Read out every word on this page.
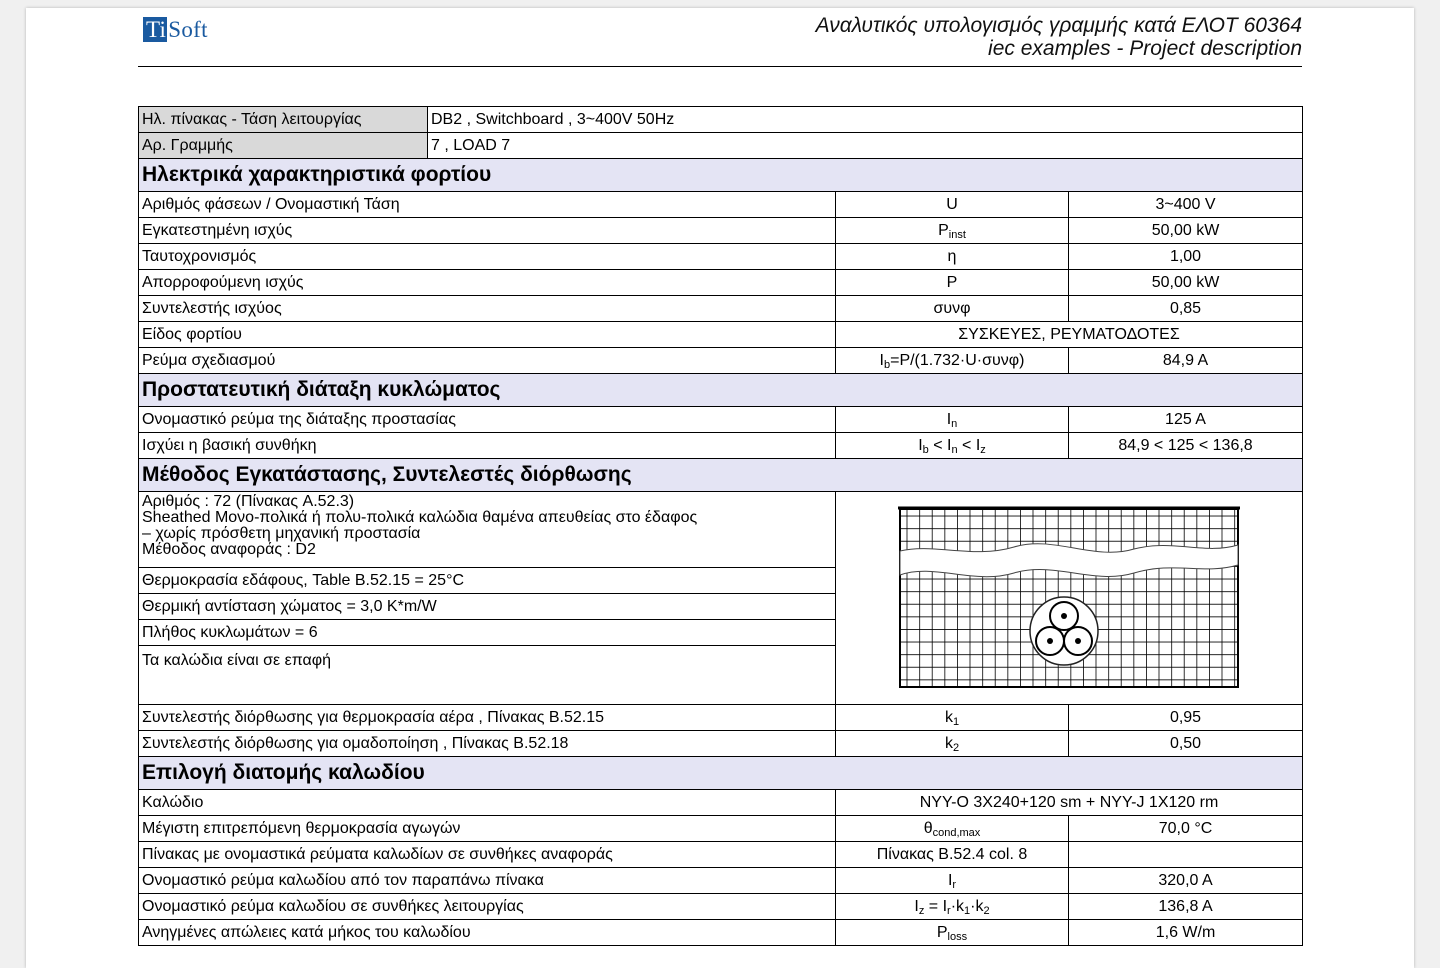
TiSoft	Αναλυτικός υπολογισμός γραμμής κατά ΕΛΟΤ 60364
iec examples - Project description
Ηλ. πίνακας - Τάση λειτουργίας	DB2 , Switchboard , 3~400V 50Hz		
Αρ. Γραμμής	7 , LOAD 7		
Ηλεκτρικά χαρακτηριστικά φορτίου			
Αριθμός φάσεων / Ονομαστική Τάση		U	3~400 V
Εγκατεστημένη ισχύς		$P_{inst}$	50,00 kW
Ταυτοχρονισμός		η	1,00
Απορροφούμενη ισχύς		P	50,00 kW
Συντελεστής ισχύος		συνφ	0,85
Είδος φορτίου		ΣΥΣΚΕΥΕΣ, ΡΕΥΜΑΤΟΔΟΤΕΣ	
Ρεύμα σχεδιασμού		$I_b=P/(1.732\cdot U\cdot\sigma\upsilon\nu\varphi)$	84,9 A
Προστατευτική διάταξη κυκλώματος			
Ονομαστικό ρεύμα της διάταξης προστασίας		$I_n$	125 A
Ισχύει η βασική συνθήκη		$I_b < I_n < I_z$	84,9 < 125 < 136,8
Μέθοδος Εγκατάστασης, Συντελεστές διόρθωσης			

Αριθμός : 72 (Πίνακας A.52.3)
Sheathed Mονο-πολικά ή πολυ-πολικά καλώδια θαμένα απευθείας στο έδαφος
– χωρίς πρόσθετη μηχανική προστασία
Μέθοδος αναφοράς : D2

Θερμοκρασία εδάφους, Table B.52.15 = 25°C			
Θερμική αντίσταση χώματος = 3,0 K*m/W			
Πλήθος κυκλωμάτων = 6			
Τα καλώδια είναι σε επαφή			
Συντελεστής διόρθωσης για θερμοκρασία αέρα , Πίνακας B.52.15		$k_1$	0,95
Συντελεστής διόρθωσης για ομαδοποίηση , Πίνακας B.52.18		$k_2$	0,50
Επιλογή διατομής καλωδίου			
Καλώδιο		NYY-O 3X240+120 sm + NYY-J 1X120 rm	
Μέγιστη επιτρεπόμενη θερμοκρασία αγωγών		$\theta_{cond,max}$	70,0 °C
Πίνακας με ονομαστικά ρεύματα καλωδίων σε συνθήκες αναφοράς		Πίνακας B.52.4 col. 8	
Ονομαστικό ρεύμα καλωδίου από τον παραπάνω πίνακα		$I_r$	320,0 A
Ονομαστικό ρεύμα καλωδίου σε συνθήκες λειτουργίας		$I_z = I_r\cdot k_1\cdot k_2$	136,8 A
Ανηγμένες απώλειες κατά μήκος του καλωδίου		$P_{loss}$	1,6 W/m
